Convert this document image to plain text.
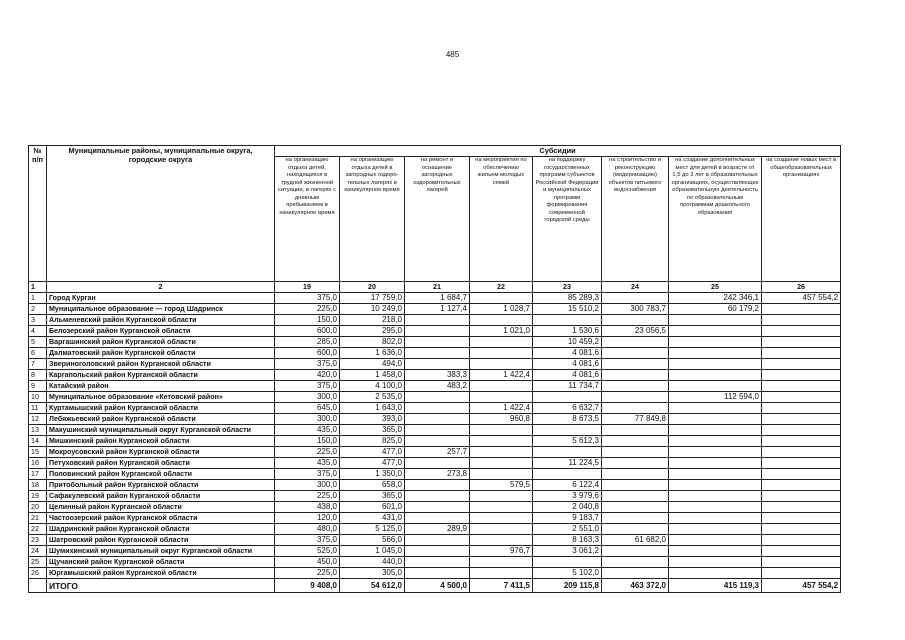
485
№ п/п	Муниципальные районы, муниципальные округа, городские округа	Субсидии							
		на организацию отдыха детей, находящихся в трудной жизненной ситуации, в лагерях с дневным пребыванием в каникулярное время	на организацию отдыха детей в загородных оздоро-тельных лагерях в каникулярное время	на ремонт и оснащение загородных оздоровительных лагерей	на мероприятия по обеспечению жильем молодых семей	на поддержку государственных программ субъектов Российской Федерации и муниципальных программ формирования современной городской среды	на строительство и реконструкцию (модернизацию) объектов питьевого водоснабжения	на создание дополнительных мест для детей в возрасте от 1,5 до 3 лет в образовательных организациях, осуществляющих образовательную деятельность по образовательным программам дошкольного образования	на создание новых мест в общеобразовательных организациях
1	2	19	20	21	22	23	24	25	26
1	Город Курган	375,0	17 759,0	1 684,7		85 289,3		242 346,1	457 554,2
2	Муниципальное образование — город Шадринск	225,0	10 249,0	1 127,4	1 028,7	15 510,2	300 783,7	60 179,2	
3	Альменевский район Курганской области	150,0	218,0						
4	Белозерский район Курганской области	600,0	295,0		1 021,0	1 530,6	23 056,5		
5	Варгашинский район Курганской области	285,0	802,0			10 459,2			
6	Далматовский район Курганской области	600,0	1 636,0			4 081,6			
7	Звериноголовский район Курганской области	375,0	494,0			4 081,6			
8	Каргапольский район Курганской области	420,0	1 458,0	383,3	1 422,4	4 081,6			
9	Катайский район	375,0	4 100,0	483,2		11 734,7			
10	Муниципальное образование «Кетовский район»	300,0	2 535,0					112 594,0	
11	Куртамышский район Курганской области	645,0	1 643,0		1 422,4	6 632,7			
12	Лебяжьевский район Курганской области	300,0	393,0		960,8	8 673,5	77 849,8		
13	Макушинский муниципальный округ Курганской области	435,0	365,0						
14	Мишкинский район Курганской области	150,0	825,0			5 612,3			
15	Мокроусовский район Курганской области	225,0	477,0	257,7					
16	Петуховский район Курганской области	435,0	477,0			11 224,5			
17	Половинский район Курганской области	375,0	1 350,0	273,8					
18	Притобольный район Курганской области	300,0	658,0		579,5	6 122,4			
19	Сафакулевский район Курганской области	225,0	365,0			3 979,6			
20	Целинный район Курганской области	438,0	601,0			2 040,8			
21	Частоозерский район Курганской области	120,0	431,0			9 183,7			
22	Шадринский район Курганской области	480,0	5 125,0	289,9		2 551,0			
23	Шатровский район Курганской области	375,0	566,0			8 163,3	61 682,0		
24	Шумихинский муниципальный округ Курганской области	525,0	1 045,0		976,7	3 061,2			
25	Щучанский район Курганской области	450,0	440,0						
26	Юргамышский район Курганской области	225,0	305,0			5 102,0			
	ИТОГО	9 408,0	54 612,0	4 500,0	7 411,5	209 115,8	463 372,0	415 119,3	457 554,2
